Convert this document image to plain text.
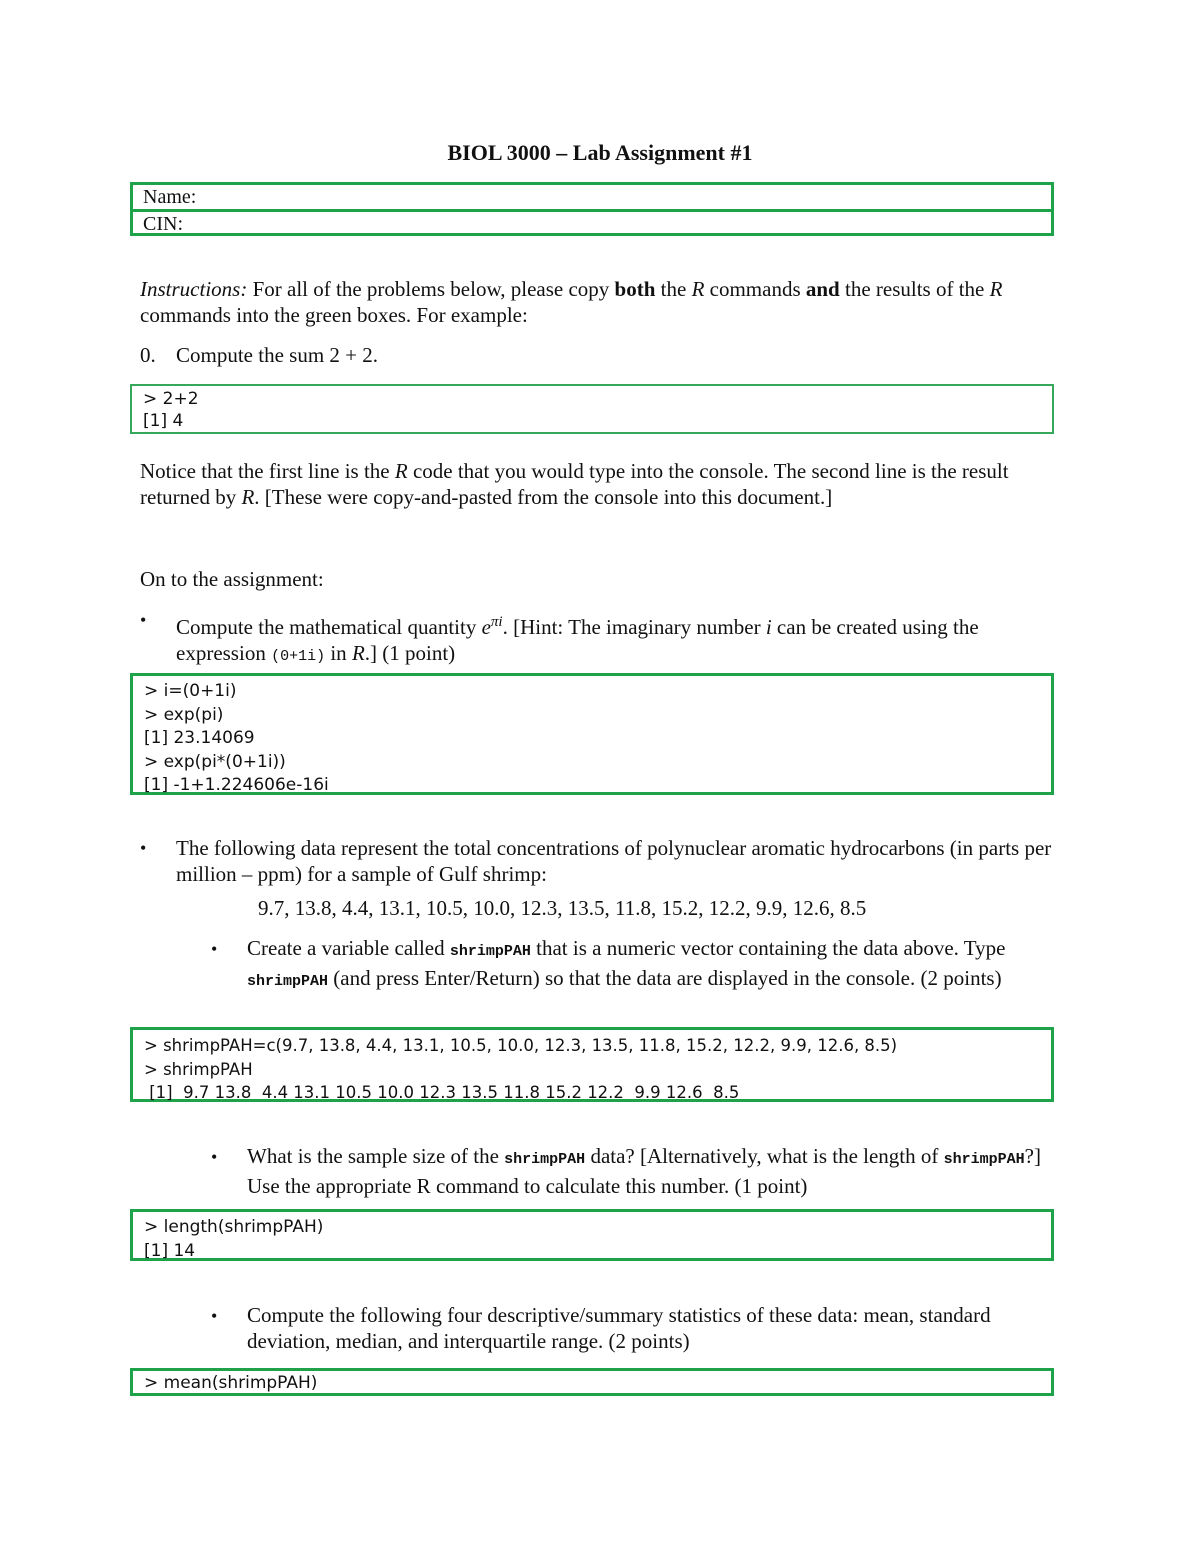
BIOL 3000 – Lab Assignment #1
Name:
CIN:
Instructions: For all of the problems below, please copy both the R commands and the results of the R commands into the green boxes. For example:
0. Compute the sum 2 + 2.
> 2+2
[1] 4
Notice that the first line is the R code that you would type into the console. The second line is the result returned by R. [These were copy-and-pasted from the console into this document.]
On to the assignment:
• Compute the mathematical quantity $e^{\pi i}$. [Hint: The imaginary number i can be created using the expression (0+1i) in R.] (1 point)
> i=(0+1i)
> exp(pi)
[1] 23.14069
> exp(pi*(0+1i))
[1] -1+1.224606e-16i
• The following data represent the total concentrations of polynuclear aromatic hydrocarbons (in parts per million – ppm) for a sample of Gulf shrimp:
9.7, 13.8, 4.4, 13.1, 10.5, 10.0, 12.3, 13.5, 11.8, 15.2, 12.2, 9.9, 12.6, 8.5
• Create a variable called shrimpPAH that is a numeric vector containing the data above. Type shrimpPAH (and press Enter/Return) so that the data are displayed in the console. (2 points)
> shrimpPAH=c(9.7, 13.8, 4.4, 13.1, 10.5, 10.0, 12.3, 13.5, 11.8, 15.2, 12.2, 9.9, 12.6, 8.5)
> shrimpPAH
[1]  9.7 13.8  4.4 13.1 10.5 10.0 12.3 13.5 11.8 15.2 12.2  9.9 12.6  8.5
• What is the sample size of the shrimpPAH data? [Alternatively, what is the length of shrimpPAH?] Use the appropriate R command to calculate this number. (1 point)
> length(shrimpPAH)
[1] 14
• Compute the following four descriptive/summary statistics of these data: mean, standard deviation, median, and interquartile range. (2 points)
> mean(shrimpPAH)
